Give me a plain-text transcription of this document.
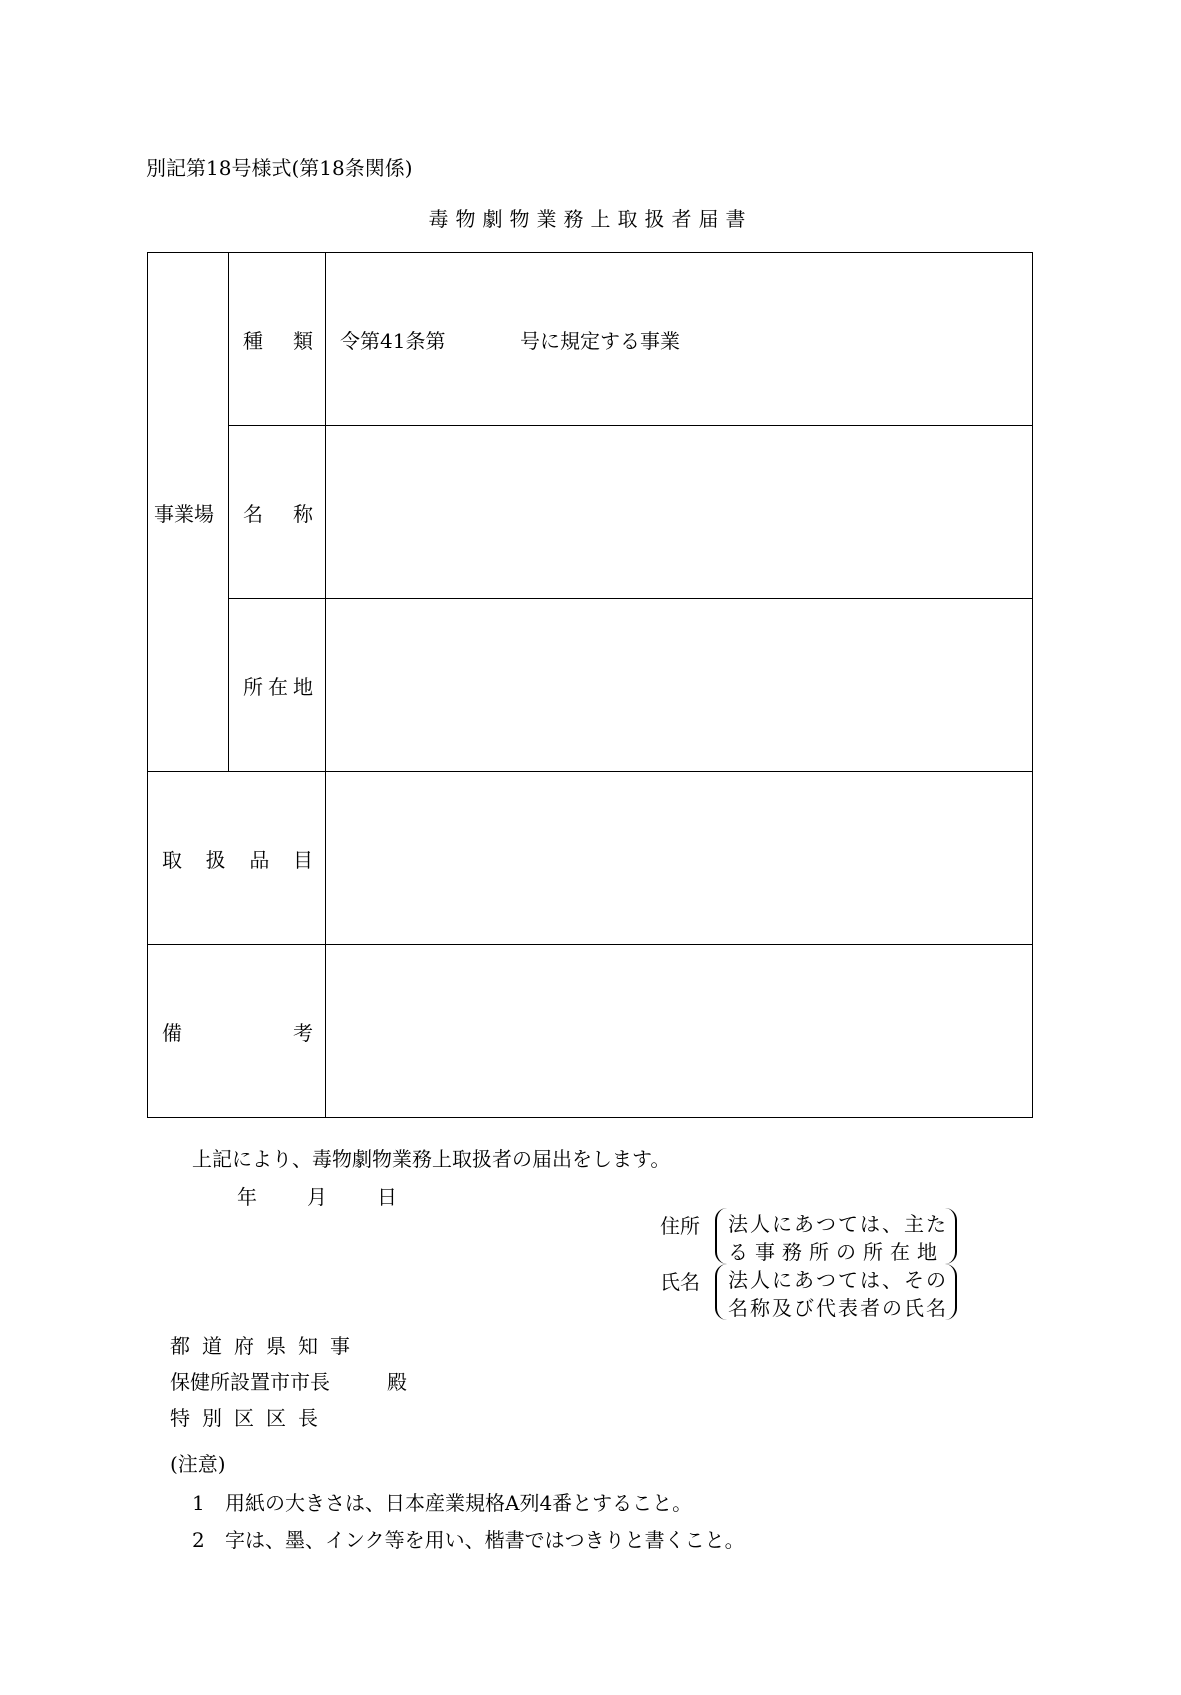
別記第18号様式(第18条関係)
毒物劇物業務上取扱者届書
事業場	種 類	令第41条第 号に規定する事業

	名 称	

	所 在 地	

取 扱 品 目		

備 考		

上記により、毒物劇物業務上取扱者の届出をします。
年	月	日
住所 法人にあつては、主た
る事務所の所在地
氏名 法人にあつては、その
名称及び代表者の氏名
都道府県知事
保健所設置市市長
特別区区長
殿
(注意)
1 用紙の大きさは、日本産業規格A列4番とすること。
2 字は、墨、インク等を用い、楷書ではつきりと書くこと。
